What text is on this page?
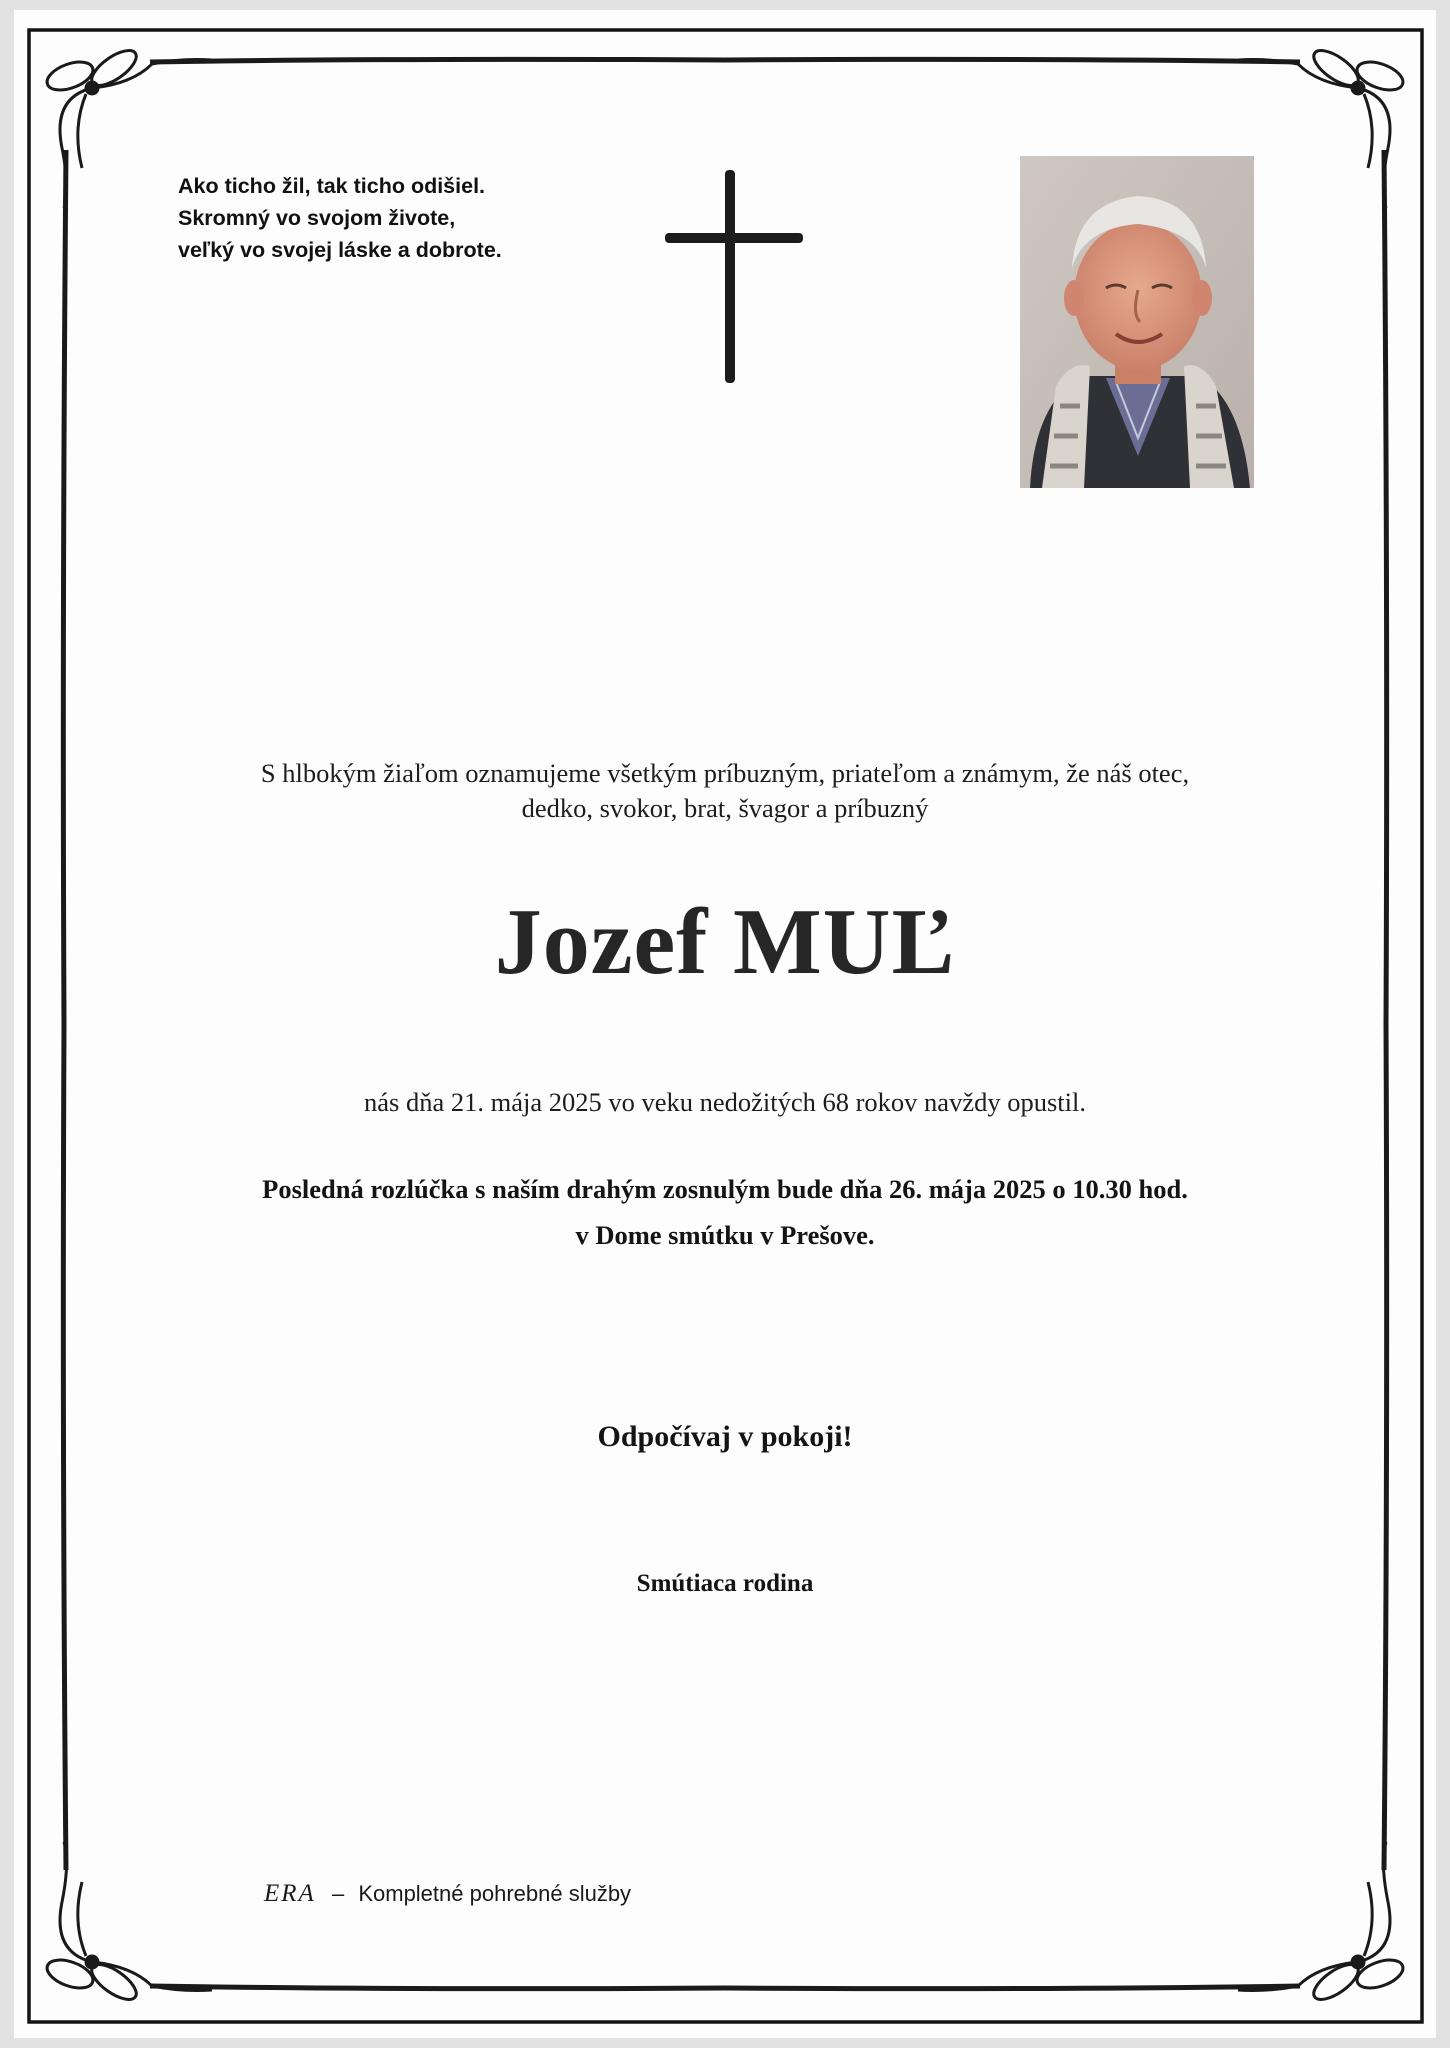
Ako ticho žil, tak ticho odišiel.
Skromný vo svojom živote,
veľký vo svojej láske a dobrote.
S hlbokým žiaľom oznamujeme všetkým príbuzným, priateľom a známym, že náš otec,
dedko, svokor, brat, švagor a príbuzný
Jozef MUĽ
nás dňa 21. mája 2025 vo veku nedožitých 68 rokov navždy opustil.
Posledná rozlúčka s naším drahým zosnulým bude dňa 26. mája 2025 o 10.30 hod.
v Dome smútku v Prešove.
Odpočívaj v pokoji!
Smútiaca rodina
ERA – Kompletné pohrebné služby
